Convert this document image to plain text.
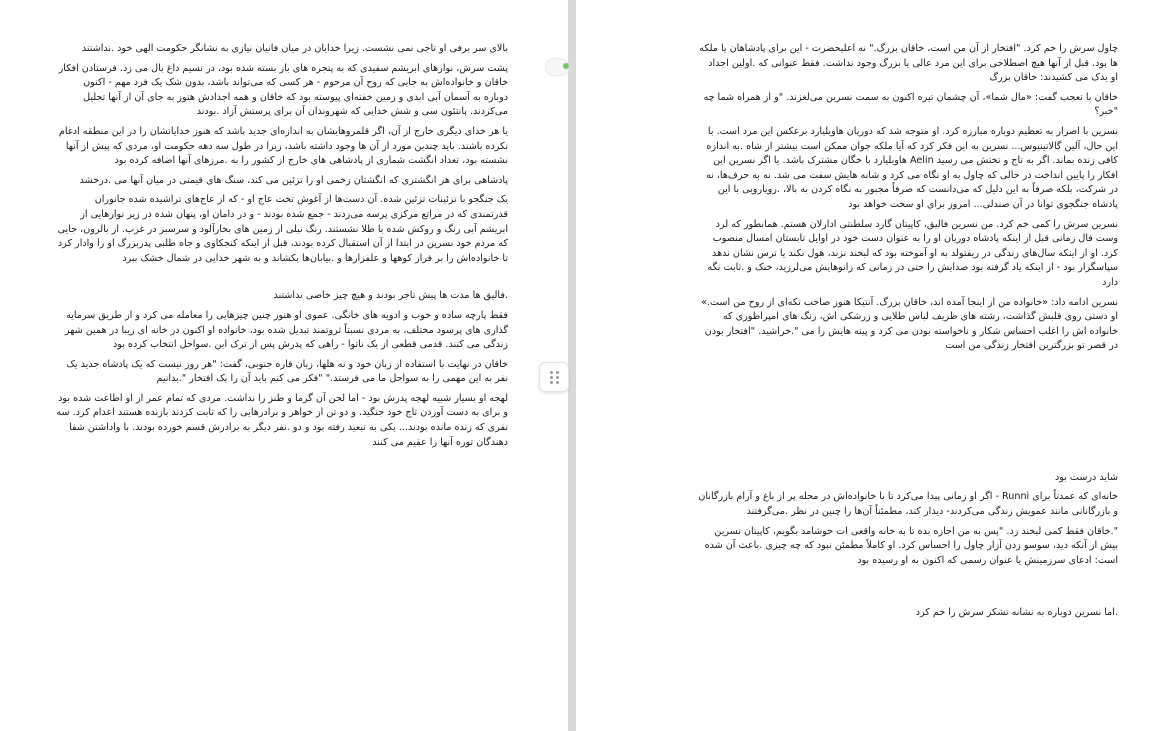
بالای سر برفی او تاجی نمی نشست. زیرا خدایان در میان فانیان نیازی به نشانگر حکومت الهی خود .نداشتند

پشت سرش، نوارهای ابریشم سفیدی که به پنجره های باز بسته شده بود، در نسیم داغ بال می زد. فرستادن افکار خاقان و خانواده‌اش به جایی که روح آن مرحوم - هر کسی که می‌تواند باشد، بدون شک یک فرد مهم - اکنون دوباره به آسمان آبی ابدی و زمین خفته‌ای پیوسته بود که خاقان و همه اجدادش هنوز به جای آن از آنها تجلیل می‌کردند. پانتئون سی و شش خدایی که شهروندان آن برای پرستش آزاد .بودند

یا هر خدای دیگری خارج از آن، اگر قلمروهایشان به اندازه‌ای جدید باشد که هنوز خدایانشان را در این منطقه ادغام نکرده باشند. باید چندین مورد از آن ها وجود داشته باشد، زیرا در طول سه دهه حکومت او، مردی که پیش از آنها نشسته بود، تعداد انگشت شماری از پادشاهی های خارج از کشور را به .مرزهای آنها اضافه کرده بود

پادشاهی برای هر انگشتری که انگشتان زخمی او را تزئین می کند، سنگ های قیمتی در میان آنها می .درخشد

یک جنگجو با تزئینات تزئین شده. آن دست‌ها از آغوش تخت عاج او - که از عاج‌های تراشیده شده جانوران قدرتمندی که در مراتع مرکزی پرسه می‌زدند - جمع شده بودند - و در دامان او، پنهان شده در زیر نوارهایی از ابریشم آبی رنگ و روکش شده با طلا نشستند. رنگ نیلی از زمین های بخارآلود و سرسبز در غرب. از بالرون، جایی که مردم خود نسرین در ابتدا از آن استقبال کرده بودند، قبل از اینکه کنجکاوی و جاه طلبی پدربزرگ او را وادار کرد تا خانواده‌اش را بر فراز کوهها و علفزارها و .بیابان‌ها بکشاند و به شهر خدایی در شمال خشک ببرد

.فالیق ها مدت ها پیش تاجر بودند و هیچ چیز خاصی نداشتند

فقط پارچه ساده و خوب و ادویه های خانگی. عموی او هنوز چنین چیزهایی را معامله می کرد و از طریق سرمایه گذاری های پرسود مختلف، به مردی نسبتاً ثروتمند تبدیل شده بود، خانواده او اکنون در خانه ای زیبا در همین شهر زندگی می کنند. قدمی قطعی از یک ناتوا - راهی که پدرش پس از ترک این .سواحل انتخاب کرده بود

خاقان در نهایت با استفاده از زبان خود و نه هلها، زبان قاره جنوبی، گفت: "هر روز نیست که یک پادشاه جدید یک نفر به این مهمی را به سواحل ما می فرستد." "فکر می کنم باید آن را یک افتخار ".بدانیم

لهجه او بسیار شبیه لهجه پدرش بود - اما لحن آن گرما و طنز را نداشت. مردی که تمام عمر از او اطاعت شده بود و برای به دست آوردن تاج خود جنگید. و دو تن از خواهر و برادرهایی را که ثابت کردند بازنده هستند اعدام کرد. سه نفری که زنده مانده بودند... یکی به تبعید رفته بود و دو .نفر دیگر به برادرش قسم خورده بودند. با واداشتن شفا دهندگان توره آنها را عقیم می کنند

چاول سرش را خم کرد. "افتخار از آن من است، خاقان بزرگ." نه اعلیحضرت - این برای پادشاهان یا ملکه ها بود. قبل از آنها هیچ اصطلاحی برای این مرد عالی یا بزرگ وجود نداشت. فقط عنوانی که .اولین اجداد او یدک می کشیدند: خاقان بزرگ

خاقان با تعجب گفت: «مال شما»، آن چشمان تیره اکنون به سمت نسرین می‌لغزند. "و از همراه شما چه "خبر؟

نسرین با اصرار به تعظیم دوباره مبارزه کرد. او متوجه شد که دوریان هاویلیارد برعکس این مرد است. با این حال، آلین گالاتینیوس... نسرین به این فکر کرد که آیا ملکه جوان ممکن است بیشتر از شاه .به اندازه کافی زنده بماند. اگر به تاج و تختش می رسید Aelin هاویلیارد با خگان مشترک باشد. یا اگر نسرین این افکار را پایین انداخت در حالی که چاول به او نگاه می کرد و شانه هایش سفت می شد. نه به حرف‌ها، نه در شرکت، بلکه صرفاً به این دلیل که می‌دانست که صرفاً مجبور به نگاه کردن به بالا، .رویارویی با این پادشاه جنگجوی توانا در آن صندلی... امروز برای او سخت خواهد بود

نسرین سرش را کمی خم کرد. من نسرین فالیق، کاپیتان گارد سلطنتی ادارلان هستم. همانطور که لرد وست فال زمانی قبل از اینکه پادشاه دوریان او را به عنوان دست خود در اوایل تابستان امسال منصوب کرد. او از اینکه سال‌های زندگی در ریفتولد به او آموخته بود که لبخند نزند، هول نکند یا ترس نشان ندهد سپاسگزار بود - از اینکه یاد گرفته بود صدایش را حتی در زمانی که زانوهایش می‌لرزید، خنک و .ثابت نگه دارد

نسرین ادامه داد: «خانواده من از اینجا آمده اند، خاقان بزرگ. آنتیکا هنوز صاحب تکه‌ای از روح من است.» او دستی روی قلبش گذاشت، رشته های ظریف لباس طلایی و زرشکی اش، رنگ های امپراطوری که خانواده اش را اغلب احساس شکار و ناخواسته بودن می کرد و پینه هایش را می ".خراشید. "افتخار بودن در قصر تو بزرگترین افتخار زندگی من است

شاید درست بود

خانه‌ای که عمدتاً برای Runni - اگر او زمانی پیدا می‌کرد تا با خانواده‌اش در محله پر از باغ و آرام بازرگانان و بازرگانانی مانند عمویش زندگی می‌کردند- دیدار کند، مطمئناً آن‌ها را چنین در نظر .می‌گرفتند

".خاقان فقط کمی لبخند زد. "پس به من اجازه بده تا به خانه واقعی ات خوشامد بگویم، کاپیتان نسرین بیش از آنکه دید، سوسو زدن آزار چاول را احساس کرد. او کاملاً مطمئن نبود که چه چیزی .باعث آن شده است: ادعای سرزمینش یا عنوان رسمی که اکنون به او رسیده بود

.اما نسرین دوباره به نشانه تشکر سرش را خم کرد
